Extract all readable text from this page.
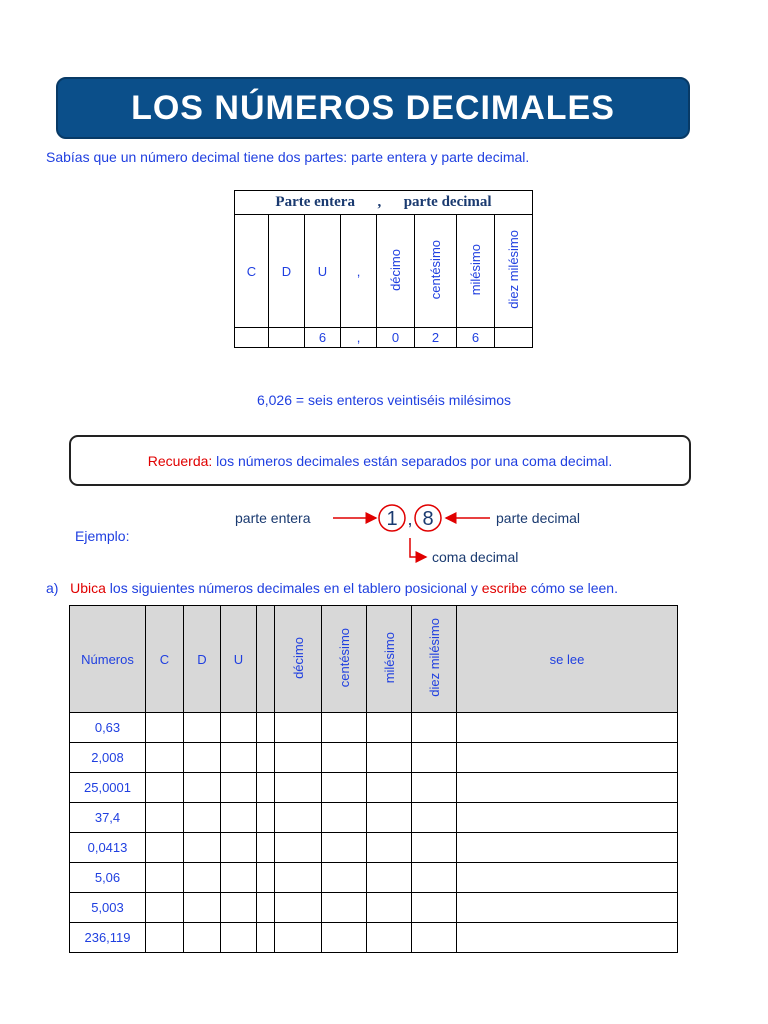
LOS NÚMEROS DECIMALES
Sabías que un número decimal tiene dos partes: parte entera y parte decimal.
Parte entera      ,      parte decimal							
C	D	U	,	décimo	centésimo	milésimo	diez milésimo
		6	,	0	2	6	
6,026 = seis enteros veintiséis milésimos
Recuerda: los números decimales están separados por una coma decimal.
Ejemplo:
parte entera	1 , 8	parte decimal
coma decimal
a) Ubica los siguientes números decimales en el tablero posicional y escribe cómo se leen.
Números	C	D	U		décimo	centésimo	milésimo	diez milésimo	se lee
0,63									
2,008									
25,0001									
37,4									
0,0413									
5,06									
5,003									
236,119									
